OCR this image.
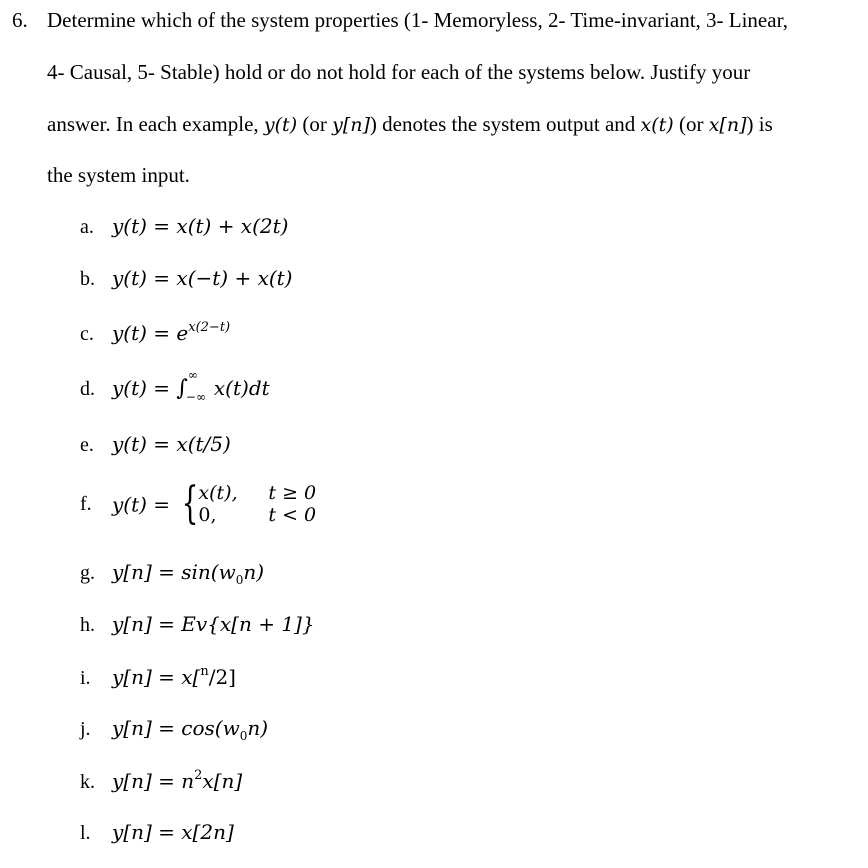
6. Determine which of the system properties (1- Memoryless, 2- Time-invariant, 3- Linear,
4- Causal, 5- Stable) hold or do not hold for each of the systems below. Justify your
answer. In each example, y(t) (or y[n]) denotes the system output and x(t) (or x[n]) is
the system input.
a. y(t) = x(t) + x(2t)
b. y(t) = x(−t) + x(t)
c. $y(t) = e^{x(2-t)}$
d. y(t) = ∫
∞
−∞ x(t)dt
e. y(t) = x(t/5)
f. y(t) = { x(t), t ≥ 0
0,	t < 0
g. $y[n] = \sin(w_0n)$
h. y[n] = Ev{x[n + 1]}
i. y[n] = x[$^n$/2]
j. $y[n] = \cos(w_0n)$
k. $y[n] = n^2x[n]$
l. y[n] = x[2n]
